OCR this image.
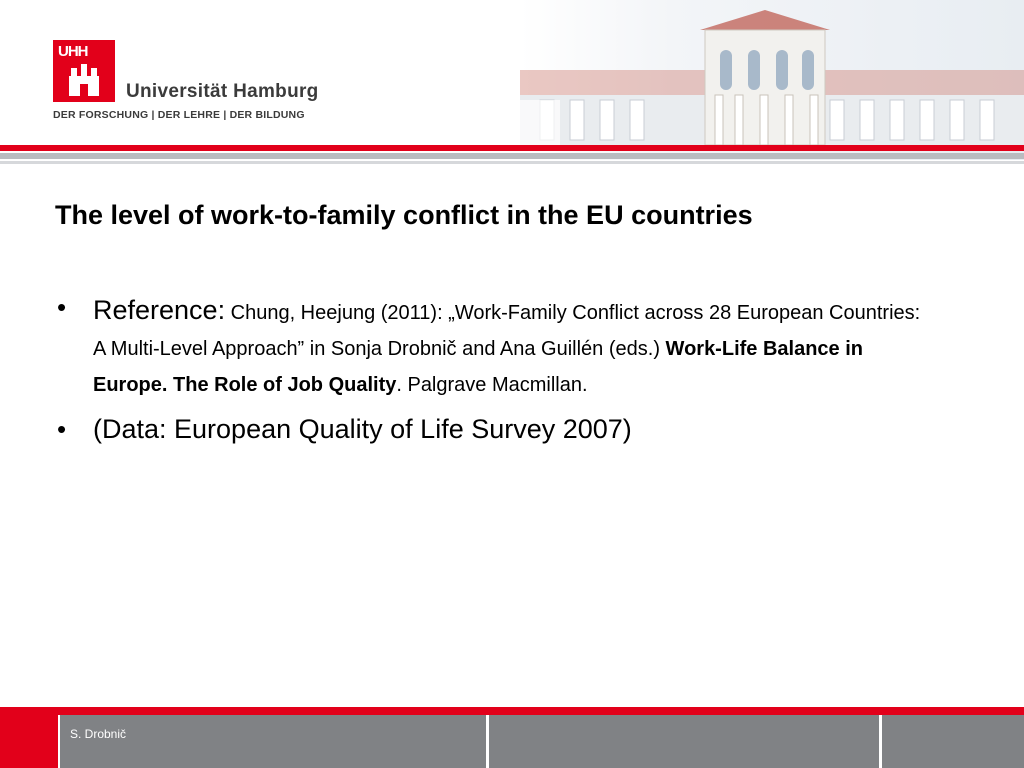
UHH
Universität Hamburg
DER FORSCHUNG | DER LEHRE | DER BILDUNG
The level of work-to-family conflict in the EU countries
• Reference: Chung, Heejung (2011): „Work-Family Conflict across 28 European Countries: A Multi-Level Approach” in Sonja Drobnič and Ana Guillén (eds.) Work-Life Balance in Europe. The Role of Job Quality. Palgrave Macmillan.
• (Data: European Quality of Life Survey 2007)
S. Drobnič
